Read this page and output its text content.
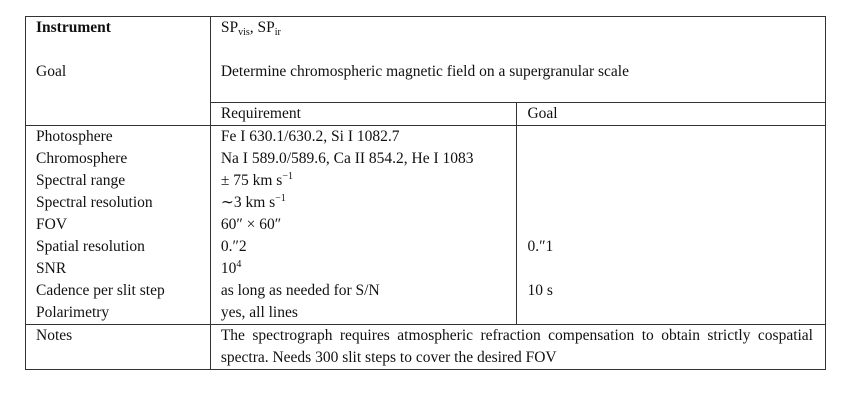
Instrument	$SP_{vis}$, $SP_{ir}$
Goal	Determine chromospheric magnetic field on a supergranular scale	
	Requirement	Goal
Photosphere	Fe I 630.1/630.2, Si I 1082.7	
Chromosphere	Na I 589.0/589.6, Ca II 854.2, He I 1083	
Spectral range	± 75 km $s^{-1}$	
Spectral resolution	∼3 km $s^{-1}$	
FOV	60″ × 60″	
Spatial resolution	0.″2	0.″1
SNR	$10^4$	
Cadence per slit step	as long as needed for S/N	10 s
Polarimetry	yes, all lines	
Notes	The spectrograph requires atmospheric refraction compensation to obtain strictly cospatial spectra. Needs 300 slit steps to cover the desired FOV	
